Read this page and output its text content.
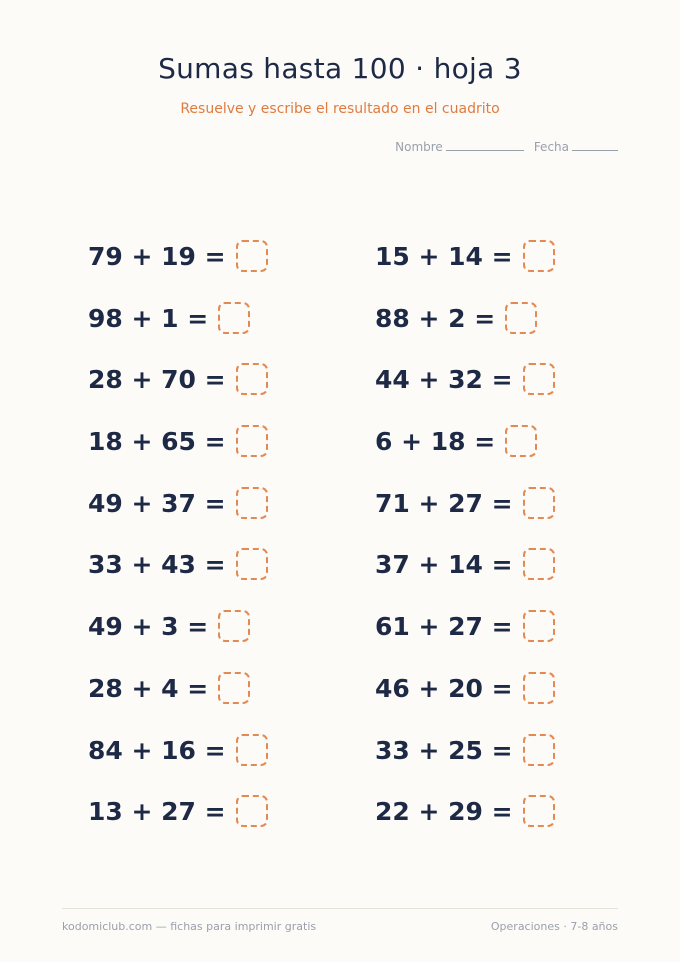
Sumas hasta 100 · hoja 3
Resuelve y escribe el resultado en el cuadrito
Nombre	Fecha
79 + 19 =
98 + 1 =
28 + 70 =
18 + 65 =
49 + 37 =
33 + 43 =
49 + 3 =
28 + 4 =
84 + 16 =
13 + 27 =
15 + 14 =
88 + 2 =
44 + 32 =
6 + 18 =
71 + 27 =
37 + 14 =
61 + 27 =
46 + 20 =
33 + 25 =
22 + 29 =
kodomiclub.com — fichas para imprimir gratis	Operaciones · 7-8 años
